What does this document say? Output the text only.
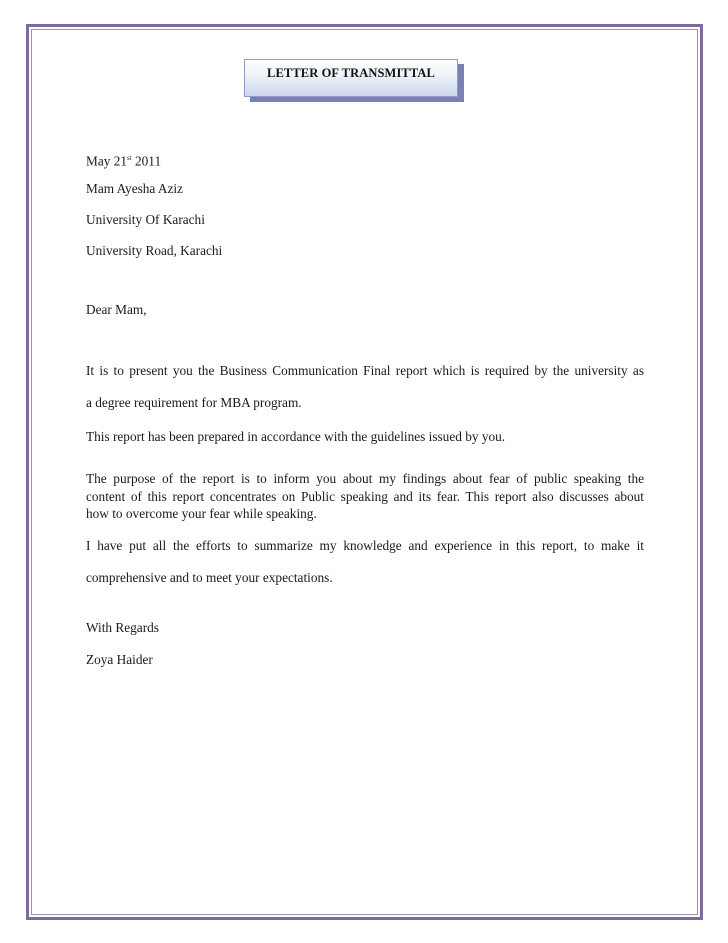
LETTER OF TRANSMITTAL
May 21st 2011
Mam Ayesha Aziz
University Of Karachi
University Road, Karachi
Dear Mam,
It is to present you the Business Communication Final report which is required by the university as
a degree requirement for MBA program.
This report has been prepared in accordance with the guidelines issued by you.
The purpose of the report is to inform you about my findings about fear of public speaking the
content of this report concentrates on Public speaking and its fear. This report also discusses about
how to overcome your fear while speaking.
I have put all the efforts to summarize my knowledge and experience in this report, to make it
comprehensive and to meet your expectations.
With Regards
Zoya Haider
